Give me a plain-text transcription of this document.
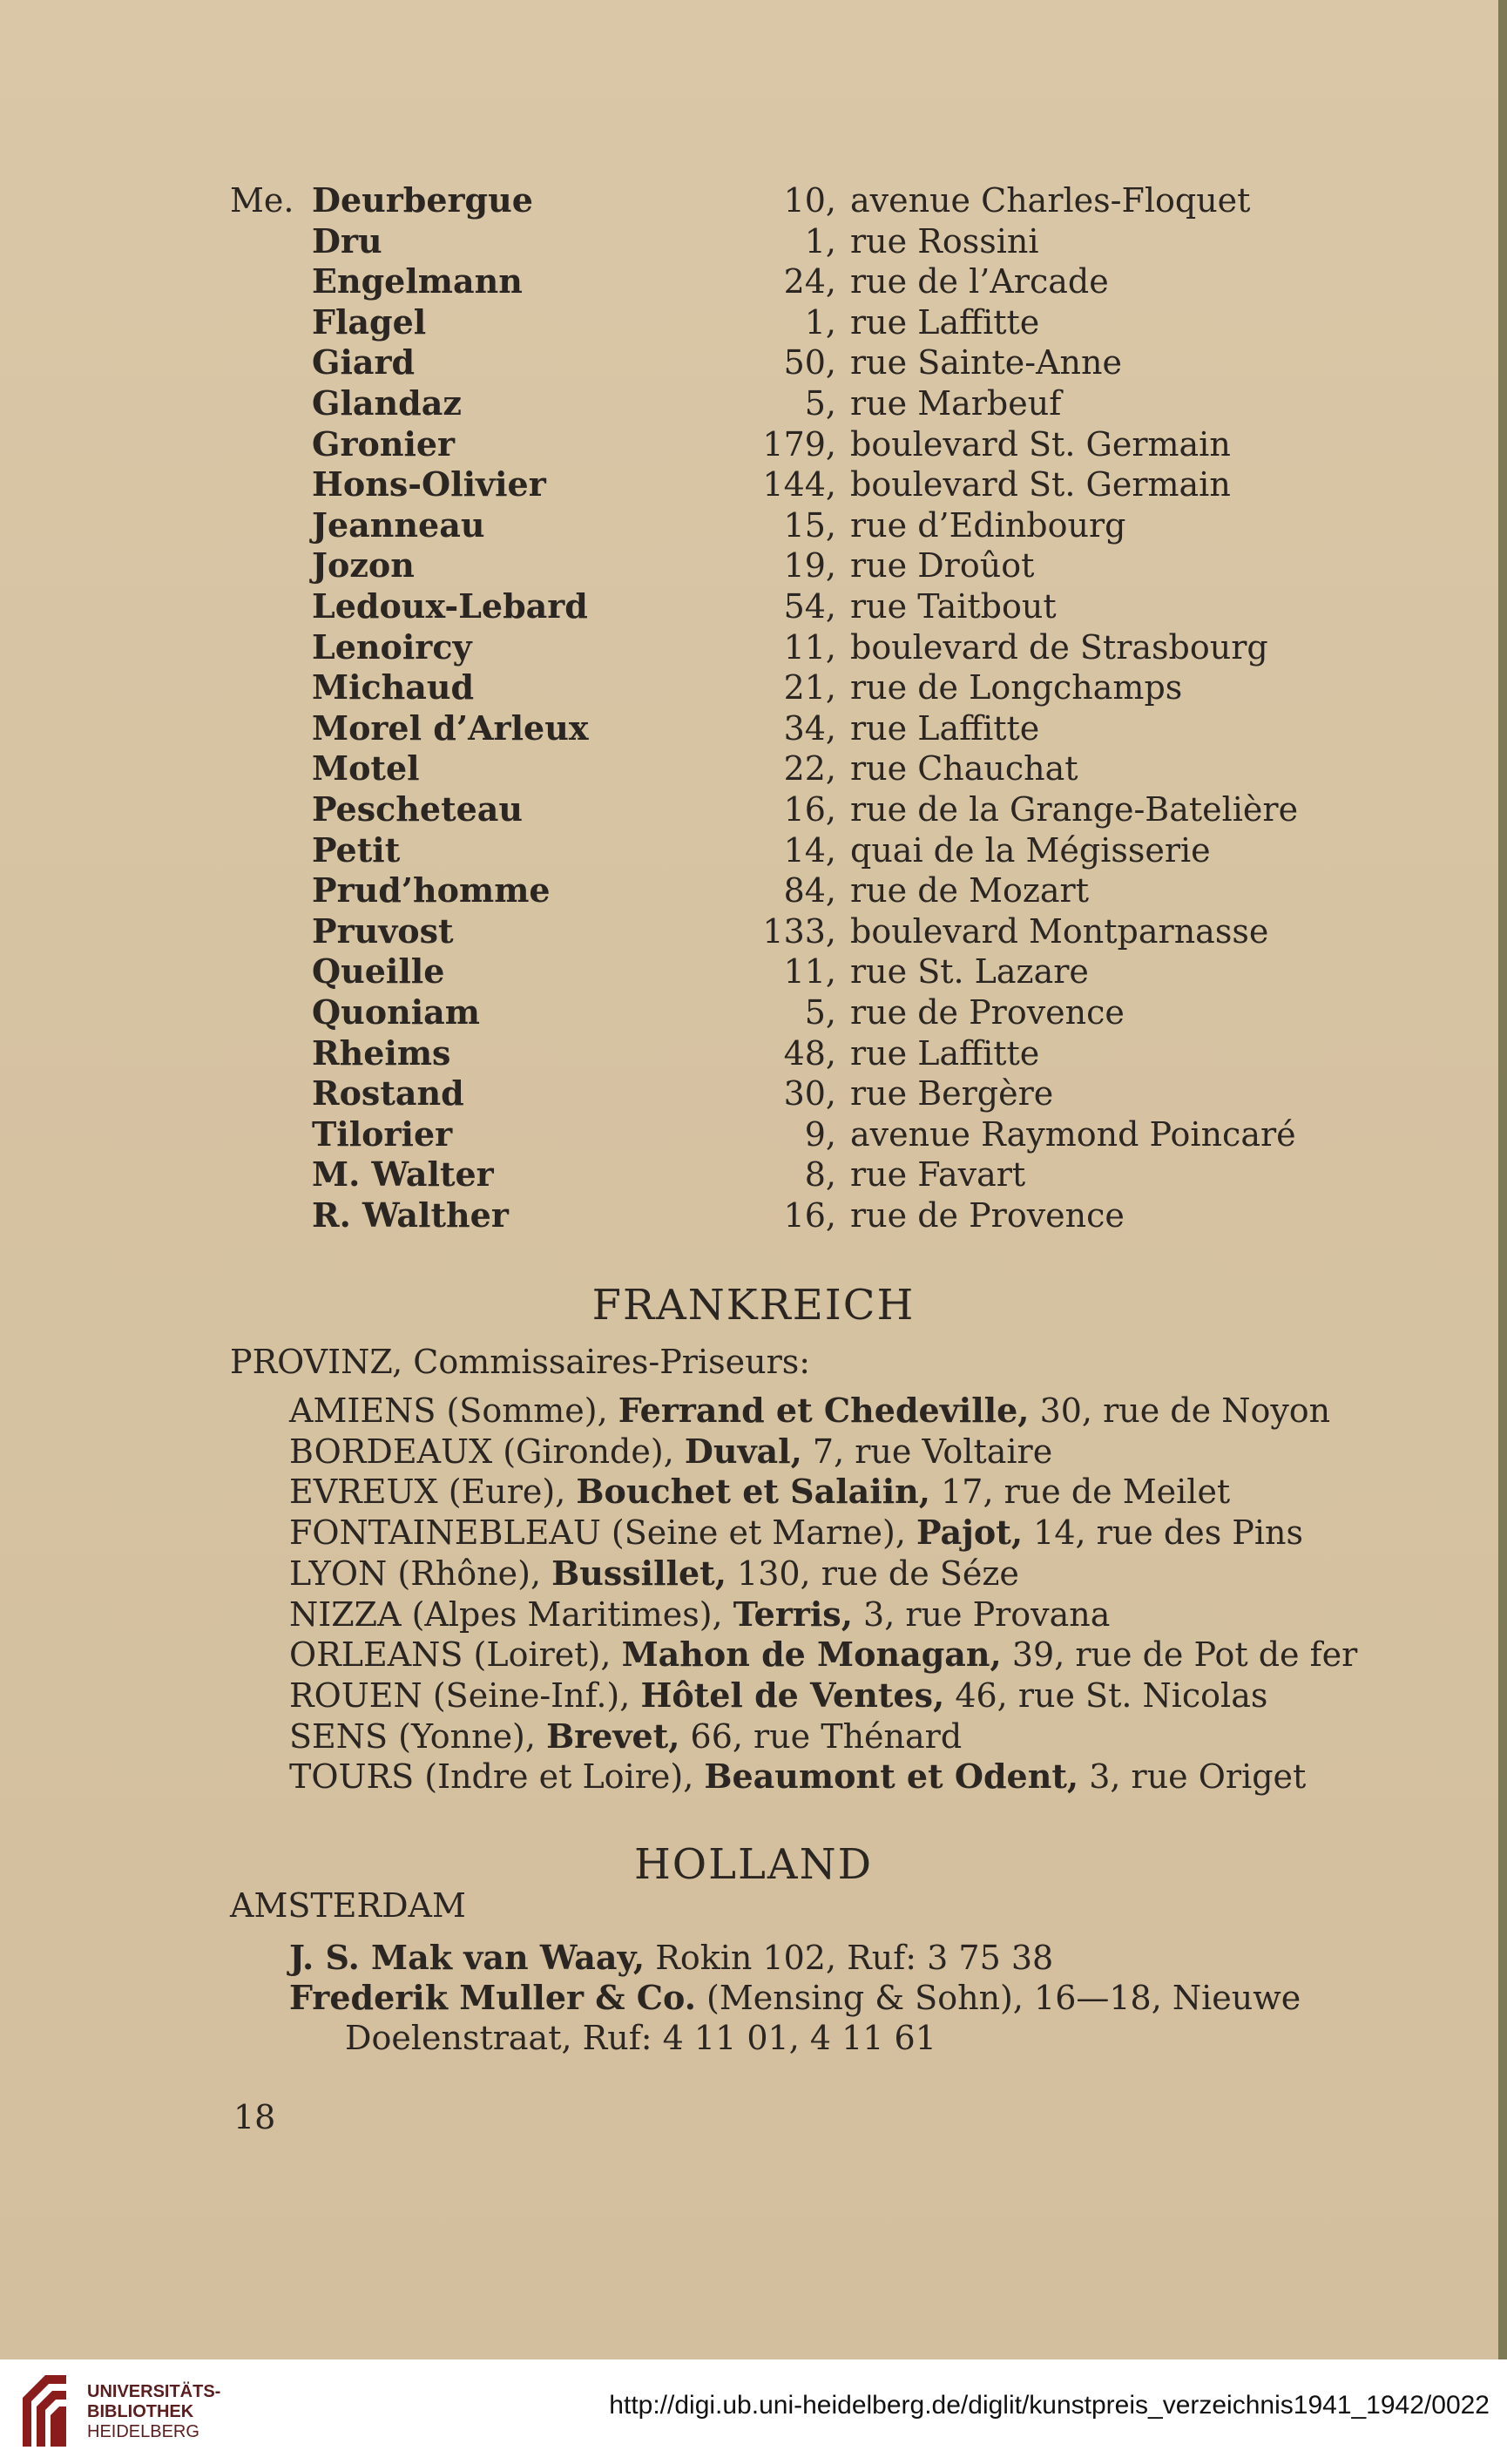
Me. Deurbergue	10, avenue Charles-Floquet
Dru	1, rue Rossini
Engelmann	24, rue de l’Arcade
Flagel	1, rue Laffitte
Giard	50, rue Sainte-Anne
Glandaz	5, rue Marbeuf
Gronier	179, boulevard St. Germain
Hons-Olivier	144, boulevard St. Germain
Jeanneau	15, rue d’Edinbourg
Jozon	19, rue Droûot
Ledoux-Lebard	54, rue Taitbout
Lenoircy	11, boulevard de Strasbourg
Michaud	21, rue de Longchamps
Morel d’Arleux	34, rue Laffitte
Motel	22, rue Chauchat
Pescheteau	16, rue de la Grange-Batelière
Petit	14, quai de la Mégisserie
Prud’homme	84, rue de Mozart
Pruvost	133, boulevard Montparnasse
Queille	11, rue St. Lazare
Quoniam	5, rue de Provence
Rheims	48, rue Laffitte
Rostand	30, rue Bergère
Tilorier	9, avenue Raymond Poincaré
M. Walter	8, rue Favart
R. Walther	16, rue de Provence
FRANKREICH
PROVINZ, Commissaires-Priseurs:
AMIENS (Somme), Ferrand et Chedeville, 30, rue de Noyon
BORDEAUX (Gironde), Duval, 7, rue Voltaire
EVREUX (Eure), Bouchet et Salaiin, 17, rue de Meilet
FONTAINEBLEAU (Seine et Marne), Pajot, 14, rue des Pins
LYON (Rhône), Bussillet, 130, rue de Séze
NIZZA (Alpes Maritimes), Terris, 3, rue Provana
ORLEANS (Loiret), Mahon de Monagan, 39, rue de Pot de fer
ROUEN (Seine-Inf.), Hôtel de Ventes, 46, rue St. Nicolas
SENS (Yonne), Brevet, 66, rue Thénard
TOURS (Indre et Loire), Beaumont et Odent, 3, rue Origet
HOLLAND
AMSTERDAM
J. S. Mak van Waay, Rokin 102, Ruf: 3 75 38
Frederik Muller & Co. (Mensing & Sohn), 16—18, Nieuwe
Doelenstraat, Ruf: 4 11 01, 4 11 61
18
UNIVERSITÄTS-
BIBLIOTHEK
HEIDELBERG
http://digi.ub.uni-heidelberg.de/diglit/kunstpreis_verzeichnis1941_1942/0022
